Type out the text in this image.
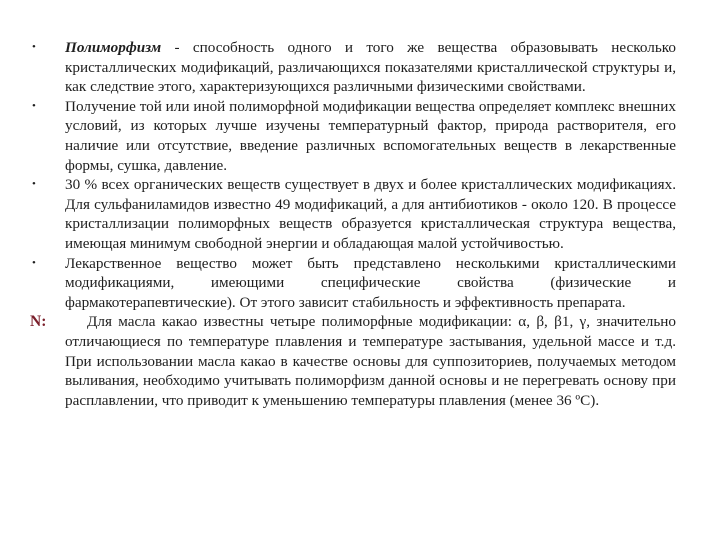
•	Полиморфизм - способность одного и того же вещества образовывать несколько кристаллических модификаций, различающихся показателями кристаллической структуры и, как следствие этого, характеризующихся различными физическими свойствами.
•	Получение той или иной полиморфной модификации вещества определяет комплекс внешних условий, из которых лучше изучены температурный фактор, природа растворителя, его наличие или отсутствие, введение различных вспомогательных веществ в лекарственные формы, сушка, давление.
•	30 % всех органических веществ существует в двух и более кристаллических модификациях. Для сульфаниламидов известно 49 модификаций, а для антибиотиков - около 120. В процессе кристаллизации полиморфных веществ образуется кристаллическая структура вещества, имеющая минимум свободной энергии и обладающая малой устойчивостью.
•	Лекарственное вещество может быть представлено несколькими кристаллическими модификациями, имеющими специфические свойства (физические и фармакотерапевтические). От этого зависит стабильность и эффективность препарата.
N:	Для масла какао известны четыре полиморфные модификации: α, β, β1, γ, значительно отличающиеся по температуре плавления и температуре застывания, удельной массе и т.д. При использовании масла какао в качестве основы для суппозиториев, получаемых методом выливания, необходимо учитывать полиморфизм данной основы и не перегревать основу при расплавлении, что приводит к уменьшению температуры плавления (менее 36 ºС).
